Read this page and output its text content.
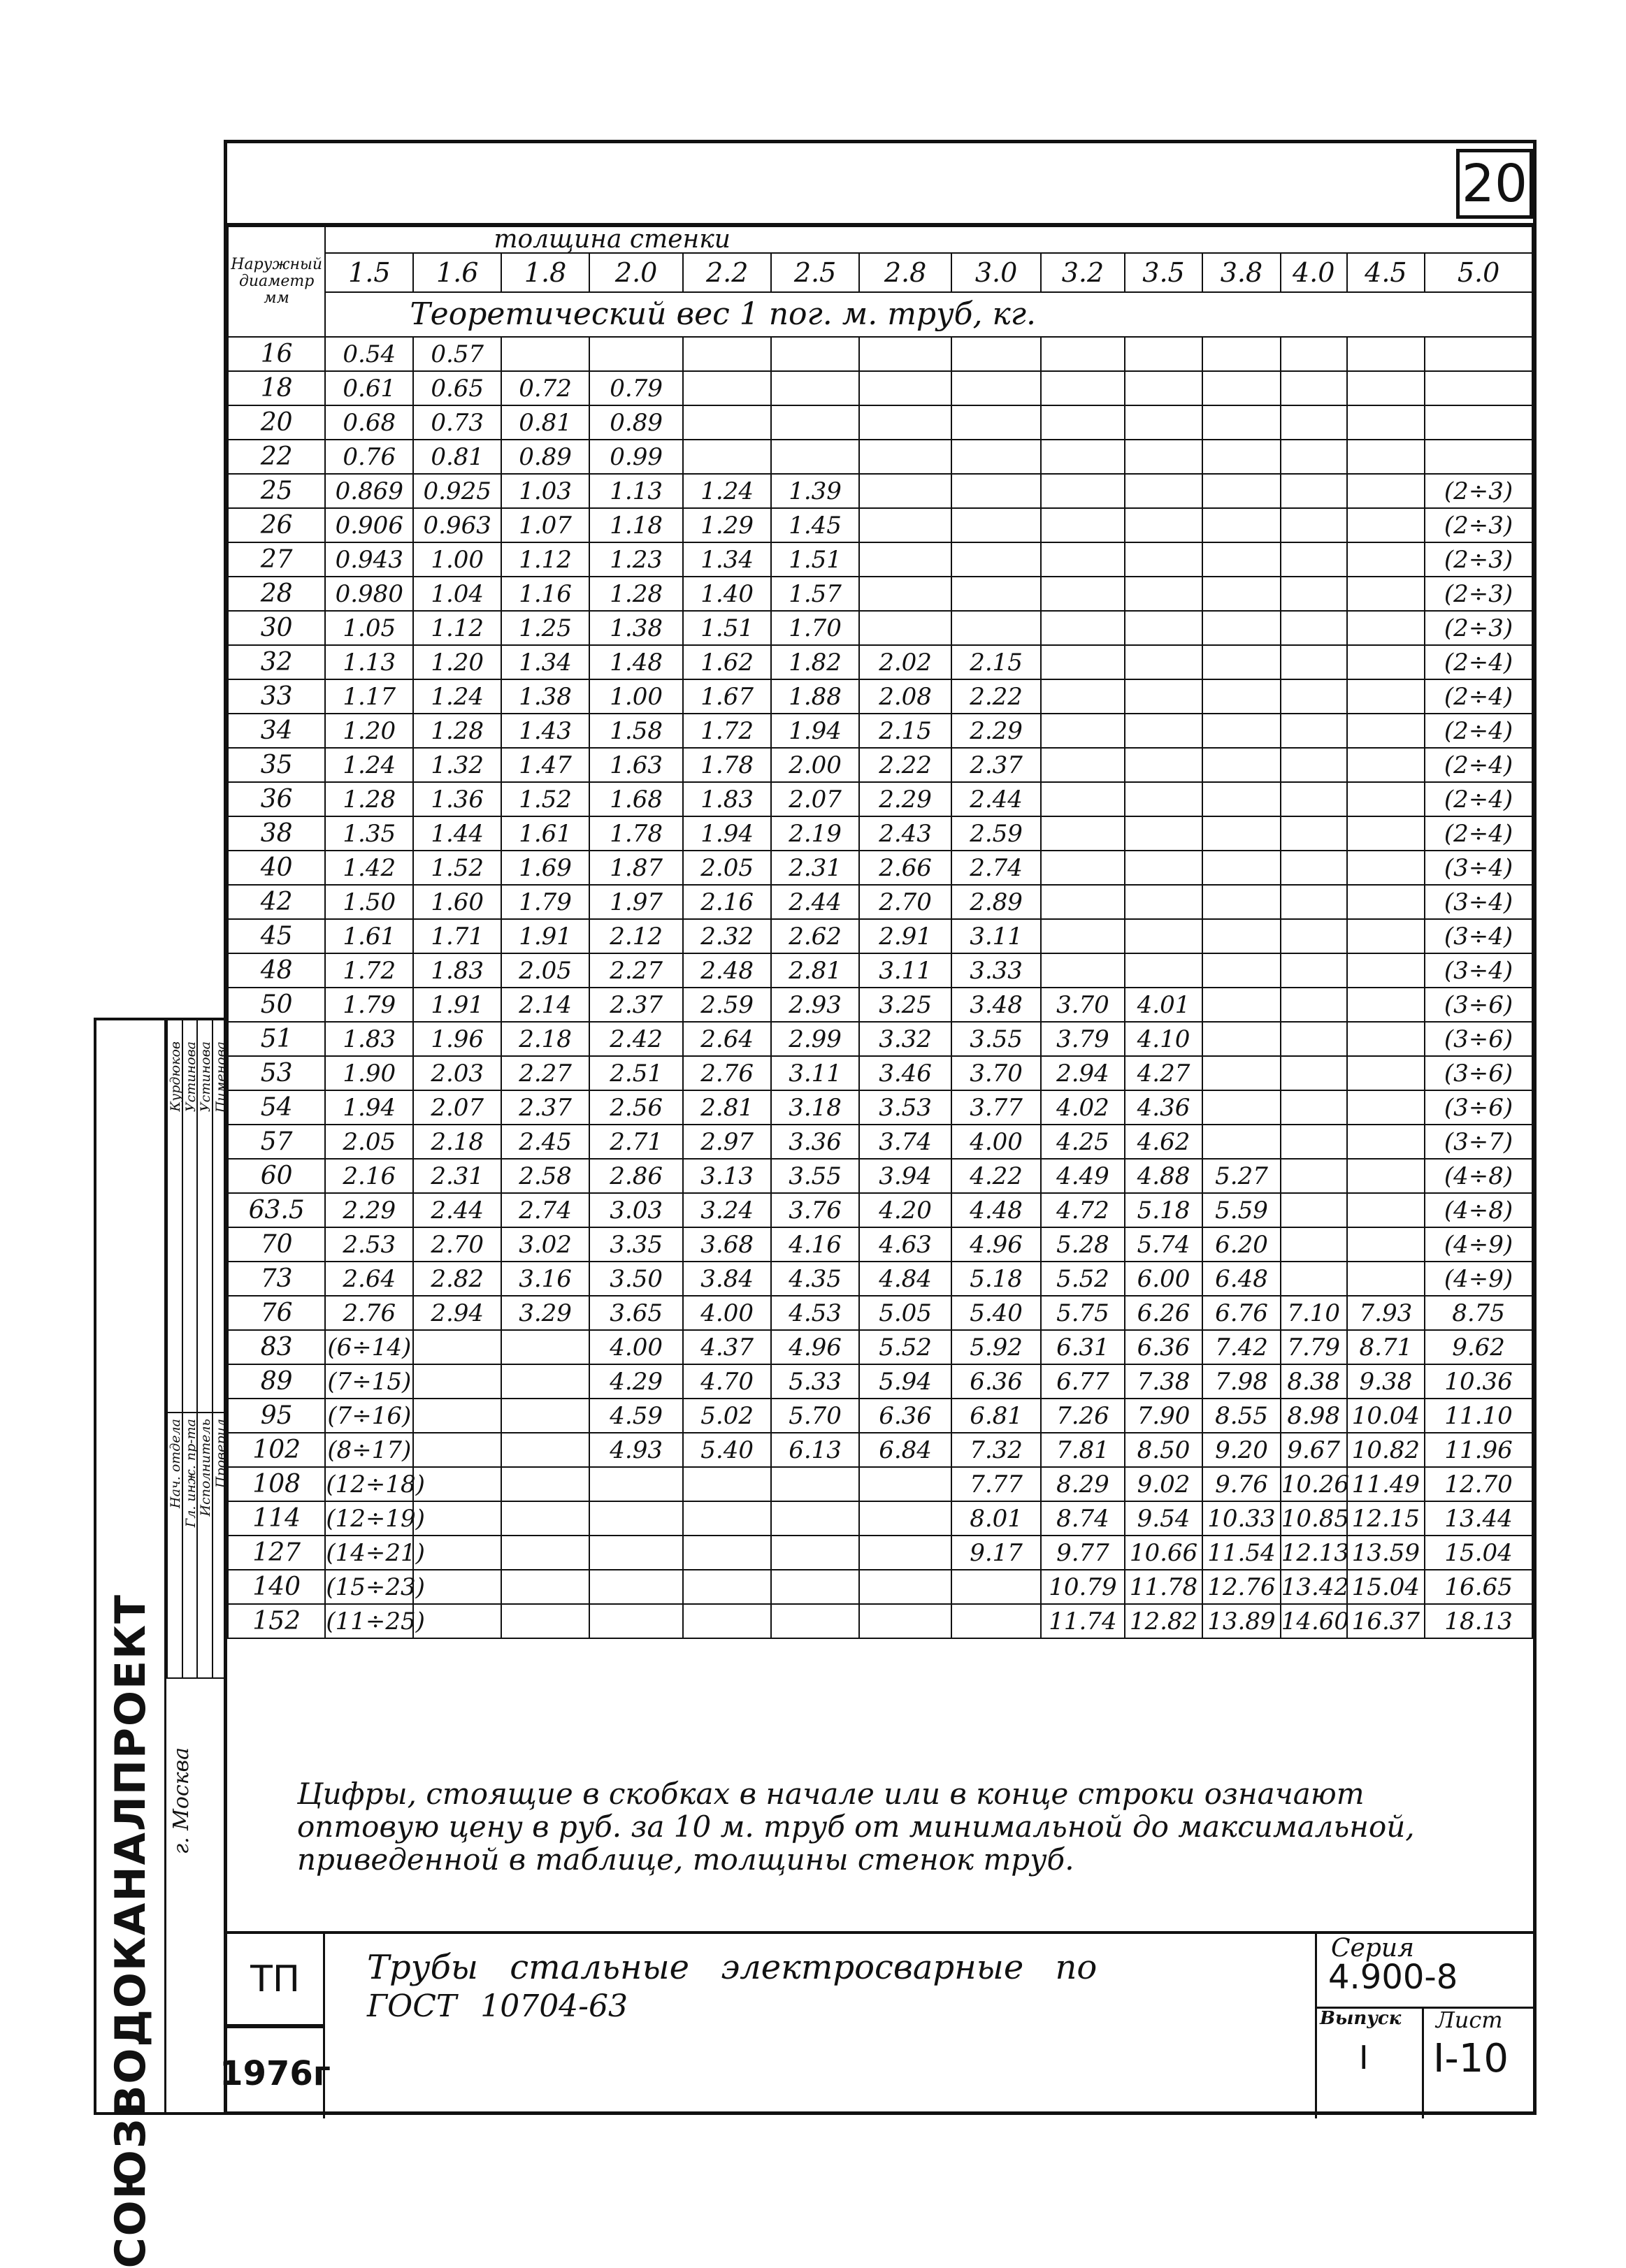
СОЮЗВОДОКАНАЛПРОЕКТ г. Москва
Нач. отдела
Курдюков
Гл. инж. пр-та
Устинова
Исполнитель
Устинова
Проверил
Пименова
20
Наружный диаметр мм	толщина стенки													
	1.5	1.6	1.8	2.0	2.2	2.5	2.8	3.0	3.2	3.5	3.8	4.0	4.5	5.0
	Теоретический вес 1 пог. м. труб, кг.													
16	0.54	0.57												
18	0.61	0.65	0.72	0.79										
20	0.68	0.73	0.81	0.89										
22	0.76	0.81	0.89	0.99										
25	0.869	0.925	1.03	1.13	1.24	1.39								(2÷3)
26	0.906	0.963	1.07	1.18	1.29	1.45								(2÷3)
27	0.943	1.00	1.12	1.23	1.34	1.51								(2÷3)
28	0.980	1.04	1.16	1.28	1.40	1.57								(2÷3)
30	1.05	1.12	1.25	1.38	1.51	1.70								(2÷3)
32	1.13	1.20	1.34	1.48	1.62	1.82	2.02	2.15						(2÷4)
33	1.17	1.24	1.38	1.00	1.67	1.88	2.08	2.22						(2÷4)
34	1.20	1.28	1.43	1.58	1.72	1.94	2.15	2.29						(2÷4)
35	1.24	1.32	1.47	1.63	1.78	2.00	2.22	2.37						(2÷4)
36	1.28	1.36	1.52	1.68	1.83	2.07	2.29	2.44						(2÷4)
38	1.35	1.44	1.61	1.78	1.94	2.19	2.43	2.59						(2÷4)
40	1.42	1.52	1.69	1.87	2.05	2.31	2.66	2.74						(3÷4)
42	1.50	1.60	1.79	1.97	2.16	2.44	2.70	2.89						(3÷4)
45	1.61	1.71	1.91	2.12	2.32	2.62	2.91	3.11						(3÷4)
48	1.72	1.83	2.05	2.27	2.48	2.81	3.11	3.33						(3÷4)
50	1.79	1.91	2.14	2.37	2.59	2.93	3.25	3.48	3.70	4.01				(3÷6)
51	1.83	1.96	2.18	2.42	2.64	2.99	3.32	3.55	3.79	4.10				(3÷6)
53	1.90	2.03	2.27	2.51	2.76	3.11	3.46	3.70	2.94	4.27				(3÷6)
54	1.94	2.07	2.37	2.56	2.81	3.18	3.53	3.77	4.02	4.36				(3÷6)
57	2.05	2.18	2.45	2.71	2.97	3.36	3.74	4.00	4.25	4.62				(3÷7)
60	2.16	2.31	2.58	2.86	3.13	3.55	3.94	4.22	4.49	4.88	5.27			(4÷8)
63.5	2.29	2.44	2.74	3.03	3.24	3.76	4.20	4.48	4.72	5.18	5.59			(4÷8)
70	2.53	2.70	3.02	3.35	3.68	4.16	4.63	4.96	5.28	5.74	6.20			(4÷9)
73	2.64	2.82	3.16	3.50	3.84	4.35	4.84	5.18	5.52	6.00	6.48			(4÷9)
76	2.76	2.94	3.29	3.65	4.00	4.53	5.05	5.40	5.75	6.26	6.76	7.10	7.93	8.75
83	(6÷14)			4.00	4.37	4.96	5.52	5.92	6.31	6.36	7.42	7.79	8.71	9.62
89	(7÷15)			4.29	4.70	5.33	5.94	6.36	6.77	7.38	7.98	8.38	9.38	10.36
95	(7÷16)			4.59	5.02	5.70	6.36	6.81	7.26	7.90	8.55	8.98	10.04	11.10
102	(8÷17)			4.93	5.40	6.13	6.84	7.32	7.81	8.50	9.20	9.67	10.82	11.96
108	(12÷18)							7.77	8.29	9.02	9.76	10.26	11.49	12.70
114	(12÷19)							8.01	8.74	9.54	10.33	10.85	12.15	13.44
127	(14÷21)							9.17	9.77	10.66	11.54	12.13	13.59	15.04
140	(15÷23)								10.79	11.78	12.76	13.42	15.04	16.65
152	(11÷25)								11.74	12.82	13.89	14.60	16.37	18.13
Цифры, стоящие в скобках в начале или в конце строки означают оптовую цену в руб. за 10 м. труб от минимальной до максимальной, приведенной в таблице, толщины стенок труб.
ТП
1976г
Трубы стальные электросварные по
ГОСТ 10704-63
Серия
4.900-8
Выпуск
I
Лист
I-10
